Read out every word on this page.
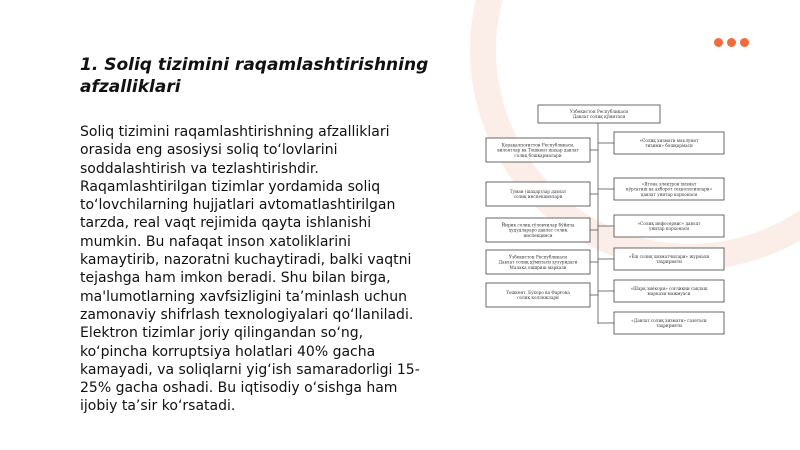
1. Soliq tizimini raqamlashtirishning afzalliklari

Soliq tizimini raqamlashtirishning afzalliklari orasida eng asosiysi soliq to‘lovlarini soddalashtirish va tezlashtirishdir. Raqamlashtirilgan tizimlar yordamida soliq to‘lovchilarning hujjatlari avtomatlashtirilgan tarzda, real vaqt rejimida qayta ishlanishi mumkin. Bu nafaqat inson xatoliklarini kamaytirib, nazoratni kuchaytiradi, balki vaqtni tejashga ham imkon beradi. Shu bilan birga, ma'lumotlarning xavfsizligini ta’minlash uchun zamonaviy shifrlash texnologiyalari qo‘llaniladi. Elektron tizimlar joriy qilingandan so‘ng, ko‘pincha korruptsiya holatlari 40% gacha kamayadi, va soliqlarni yig‘ish samaradorligi 15-25% gacha oshadi. Bu iqtisodiy o‘sishga ham ijobiy ta’sir ko‘rsatadi.

Узбекистон Республикаси
Давлат солиқ қўмитаси
Қорақалпоғистон Республикаси,
вилоятлар ва Тошкент шаҳар давлат
солиқ бошқармалари
Туман (шаҳар)лар давлат
солиқ инспекциялари
Йирик солиқ тўловчилар бўйича
ҳудудлараро давлат солиқ
инспекцияси
Ўзбекистон Республикаси
Давлат солиқ қўмитаси ҳузуридаги
Малака ошириш маркази
Тошкент, Бухоро ва Фарғона
солиқ коллежлари
«Солиқ хизмати маълумот
тизими» бошқармаси
«Ягона электрон хизмат
кўрсатиш ва ахборот технологиялари»
давлат унитар корхонаси
«Солиқ инфосервис» давлат
унитар корхонаси
«Ёш солиқ хизматчилари» журнали
таҳририяти
«Шарқ зиёкори» соғлиқни сақлаш
маркази мажмуаси
«Давлат солиқ хизмати» газетаси
таҳририяти
